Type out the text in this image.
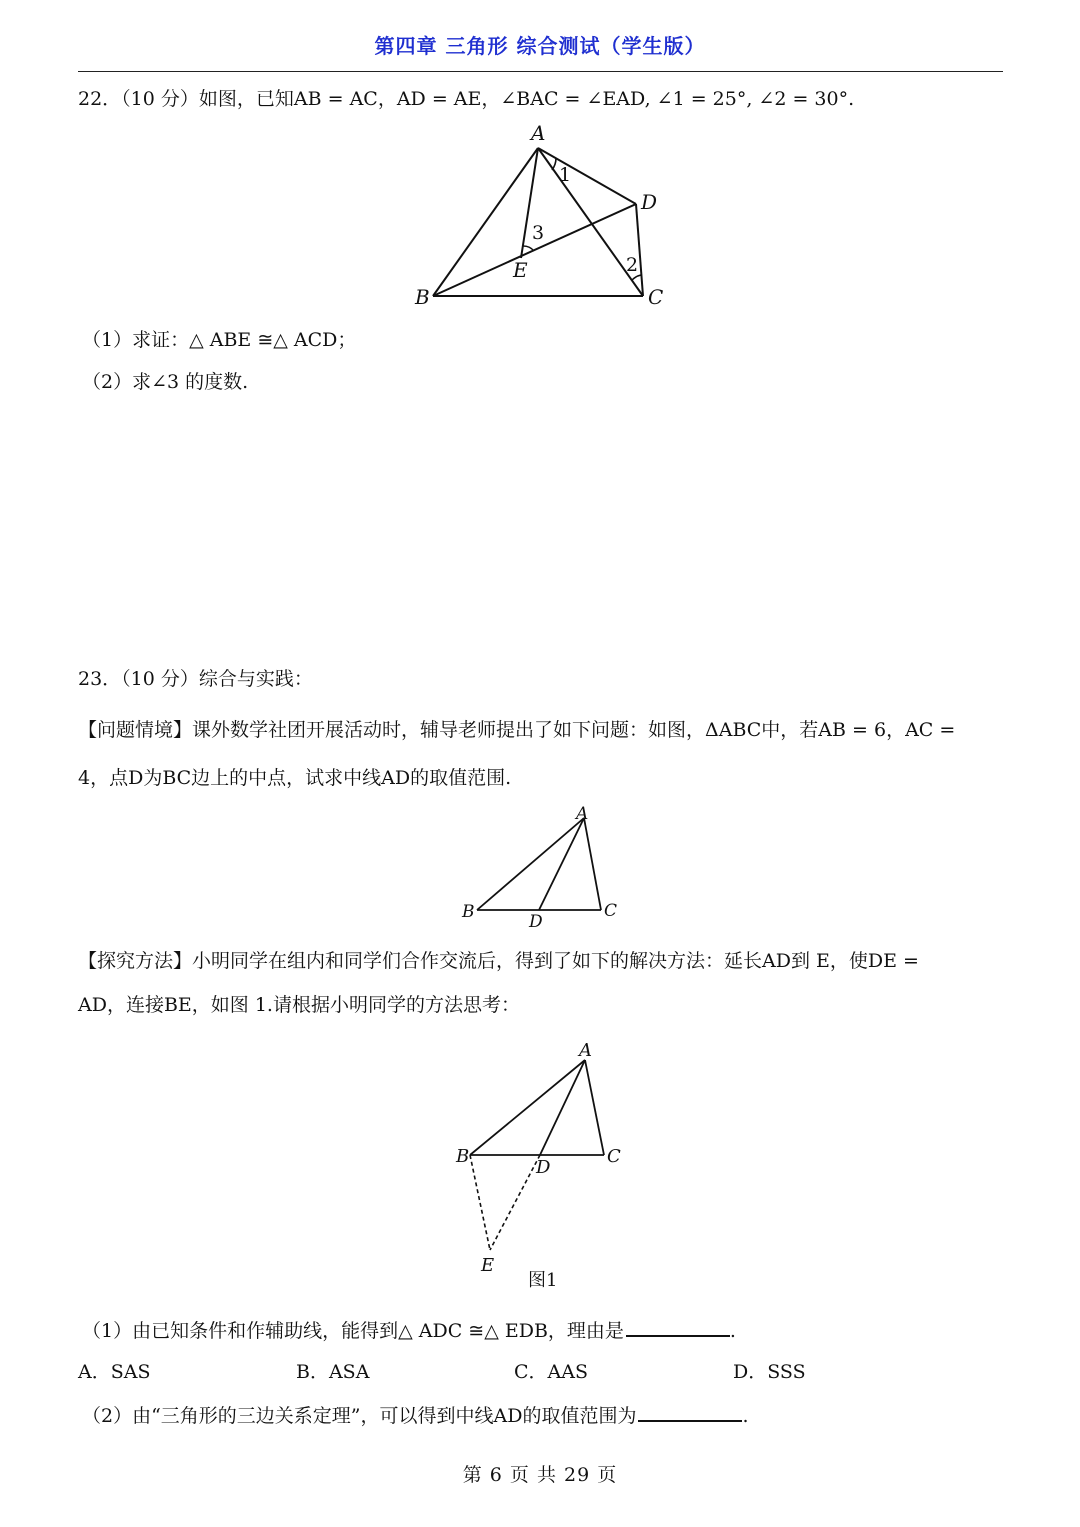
第四章 三角形 综合测试（学生版）
22．（10 分）如图，已知AB = AC，AD = AE，∠BAC = ∠EAD, ∠1 = 25°, ∠2 = 30°.
A
B	C
D
E
1
2
3
（1）求证：△ ABE ≅△ ACD；
（2）求∠3 的度数.
23．（10 分）综合与实践：
【问题情境】课外数学社团开展活动时，辅导老师提出了如下问题：如图，ΔABC中，若AB = 6，AC =
4，点D为BC边上的中点，试求中线AD的取值范围.
A
B	C
D
【探究方法】小明同学在组内和同学们合作交流后，得到了如下的解决方法：延长AD到 E，使DE =
AD，连接BE，如图 1.请根据小明同学的方法思考：
A
B	C
D
E
图1
（1）由已知条件和作辅助线，能得到△ ADC ≅△ EDB，理由是	.
A．SAS	B．ASA	C．AAS	D．SSS
（2）由“三角形的三边关系定理”，可以得到中线AD的取值范围为	.
第 6 页 共 29 页
